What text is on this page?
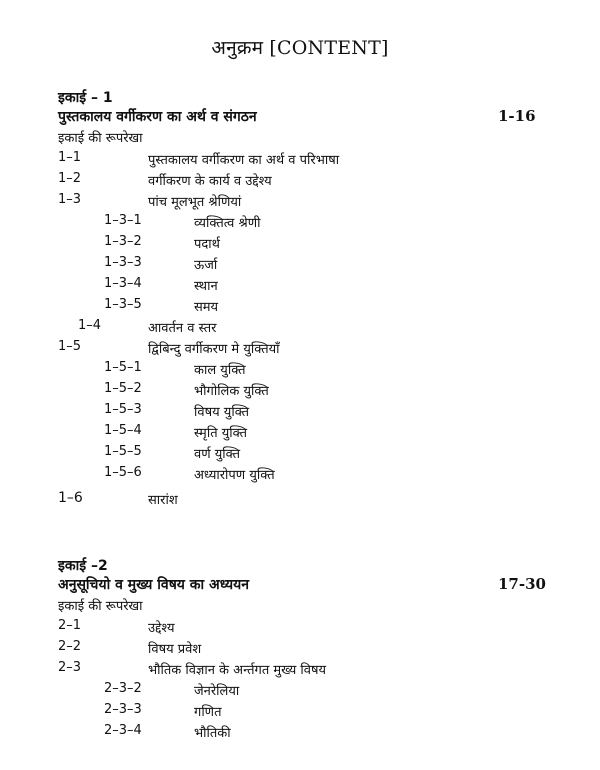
अनुक्रम [CONTENT]
इकाई – 1
पुस्तकालय वर्गीकरण का अर्थ व संगठन	1-16
इकाई की रूपरेखा
1–1	पुस्तकालय वर्गीकरण का अर्थ व परिभाषा
1–2	वर्गीकरण के कार्य व उद्देश्य
1–3	पांच मूलभूत श्रेणियां
1–3–1	व्यक्तित्व श्रेणी
1–3–2	पदार्थ
1–3–3	ऊर्जा
1–3–4	स्थान
1–3–5	समय
1–4	आवर्तन व स्तर
1–5	द्विबिन्दु वर्गीकरण मे युक्तियाँ
1–5–1	काल युक्ति
1–5–2	भौगोलिक युक्ति
1–5–3	विषय युक्ति
1–5–4	स्मृति युक्ति
1–5–5	वर्ण युक्ति
1–5–6	अध्यारोपण युक्ति
1–6	सारांश
इकाई –2
अनुसूचियो व मुख्य विषय का अध्ययन	17-30
इकाई की रूपरेखा
2–1	उद्देश्य
2–2	विषय प्रवेश
2–3	भौतिक विज्ञान के अर्न्तगत मुख्य विषय
2–3–2	जेनरेलिया
2–3–3	गणित
2–3–4	भौतिकी
